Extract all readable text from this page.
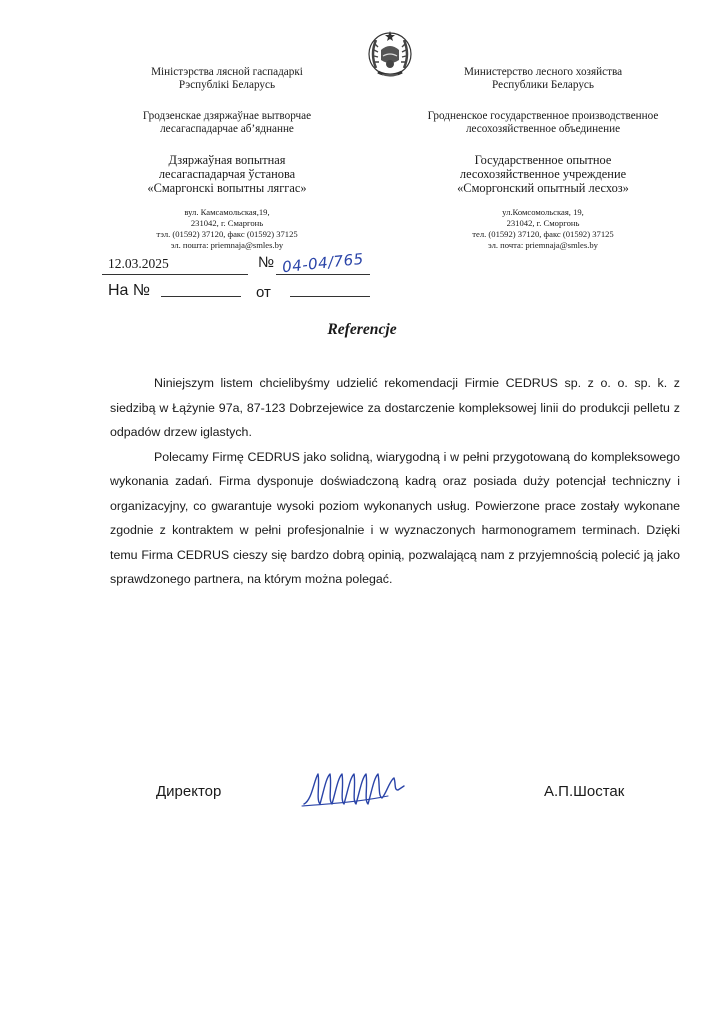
Міністэрства лясной гаспадаркі
Рэспублікі Беларусь
Гродзенскае дзяржаўнае вытворчае
лесагаспадарчае аб’яднанне
Дзяржаўная вопытная
лесагаспадарчая ўстанова
«Смаргонскі вопытны ляггас»
вул. Камсамольская,19,
231042, г. Смаргонь
тэл. (01592) 37120, факс (01592) 37125
эл. пошта: priemnaja@smles.by
Министерство лесного хозяйства
Республики Беларусь
Гродненское государственное производственное
лесохозяйственное объединение
Государственное опытное
лесохозяйственное учреждение
«Сморгонский опытный лесхоз»
ул.Комсомольская, 19,
231042, г. Сморгонь
тел. (01592) 37120, факс (01592) 37125
эл. почта: priemnaja@smles.by
12.03.2025	№ 04-04/765
На №	от
Referencje

Niniejszym listem chcielibyśmy udzielić rekomendacji Firmie CEDRUS sp. z o. o. sp. k. z siedzibą w Łążynie 97a, 87-123 Dobrzejewice za dostarczenie kompleksowej linii do produkcji pelletu z odpadów drzew iglastych.

Polecamy Firmę CEDRUS jako solidną, wiarygodną i w pełni przygotowaną do kompleksowego wykonania zadań. Firma dysponuje doświadczoną kadrą oraz posiada duży potencjał techniczny i organizacyjny, co gwarantuje wysoki poziom wykonanych usług. Powierzone prace zostały wykonane zgodnie z kontraktem w pełni profesjonalnie i w wyznaczonych harmonogramem terminach. Dzięki temu Firma CEDRUS cieszy się bardzo dobrą opinią, pozwalającą nam z przyjemnością polecić ją jako sprawdzonego partnera, na którym można polegać.

Директор	А.П.Шостак
